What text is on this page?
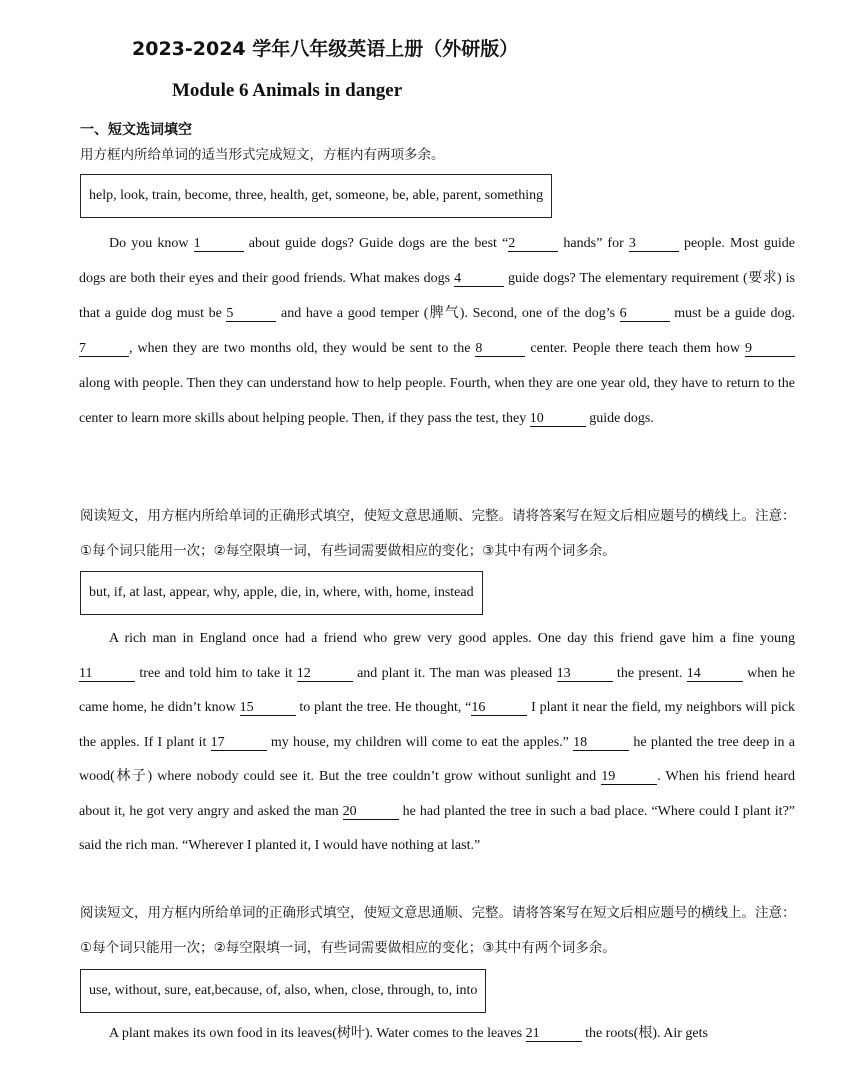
2023-2024 学年八年级英语上册（外研版）
Module 6 Animals in danger
一、短文选词填空
用方框内所给单词的适当形式完成短文，方框内有两项多余。
help, look, train, become, three, health, get, someone, be, able, parent, something

Do you know 1	about guide dogs? Guide dogs are the best “2	hands” for 3	people. Most guide dogs are both their eyes and their good friends. What makes dogs 4	guide dogs? The elementary requirement (要求) is that a guide dog must be 5	and have a good temper (脾气). Second, one of the dog’s 6	must be a guide dog. 7	, when they are two months old, they would be sent to the 8	center. People there teach them how 9 along with people. Then they can understand how to help people. Fourth, when they are one year old, they have to return to the center to learn more skills about helping people. Then, if they pass the test, they 10	guide dogs.

阅读短文，用方框内所给单词的正确形式填空，使短文意思通顺、完整。请将答案写在短文后相应题号的横线上。注意：①每个词只能用一次；②每空限填一词，有些词需要做相应的变化；③其中有两个词多余。
but, if, at last, appear, why, apple, die, in, where, with, home, instead

A rich man in England once had a friend who grew very good apples. One day this friend gave him a fine young 11	tree and told him to take it 12	and plant it. The man was pleased 13	the present. 14	when he came home, he didn’t know 15	to plant the tree. He thought, “16	I plant it near the field, my neighbors will pick the apples. If I plant it 17	my house, my children will come to eat the apples.” 18	he planted the tree deep in a wood(林子) where nobody could see it. But the tree couldn’t grow without sunlight and 19	. When his friend heard about it, he got very angry and asked the man 20	he had planted the tree in such a bad place. “Where could I plant it?” said the rich man. “Wherever I planted it, I would have nothing at last.”

阅读短文，用方框内所给单词的正确形式填空，使短文意思通顺、完整。请将答案写在短文后相应题号的横线上。注意：①每个词只能用一次；②每空限填一词，有些词需要做相应的变化；③其中有两个词多余。
use, without, sure, eat,because, of, also, when, close, through, to, into

A plant makes its own food in its leaves(树叶). Water comes to the leaves 21	the roots(根). Air gets
